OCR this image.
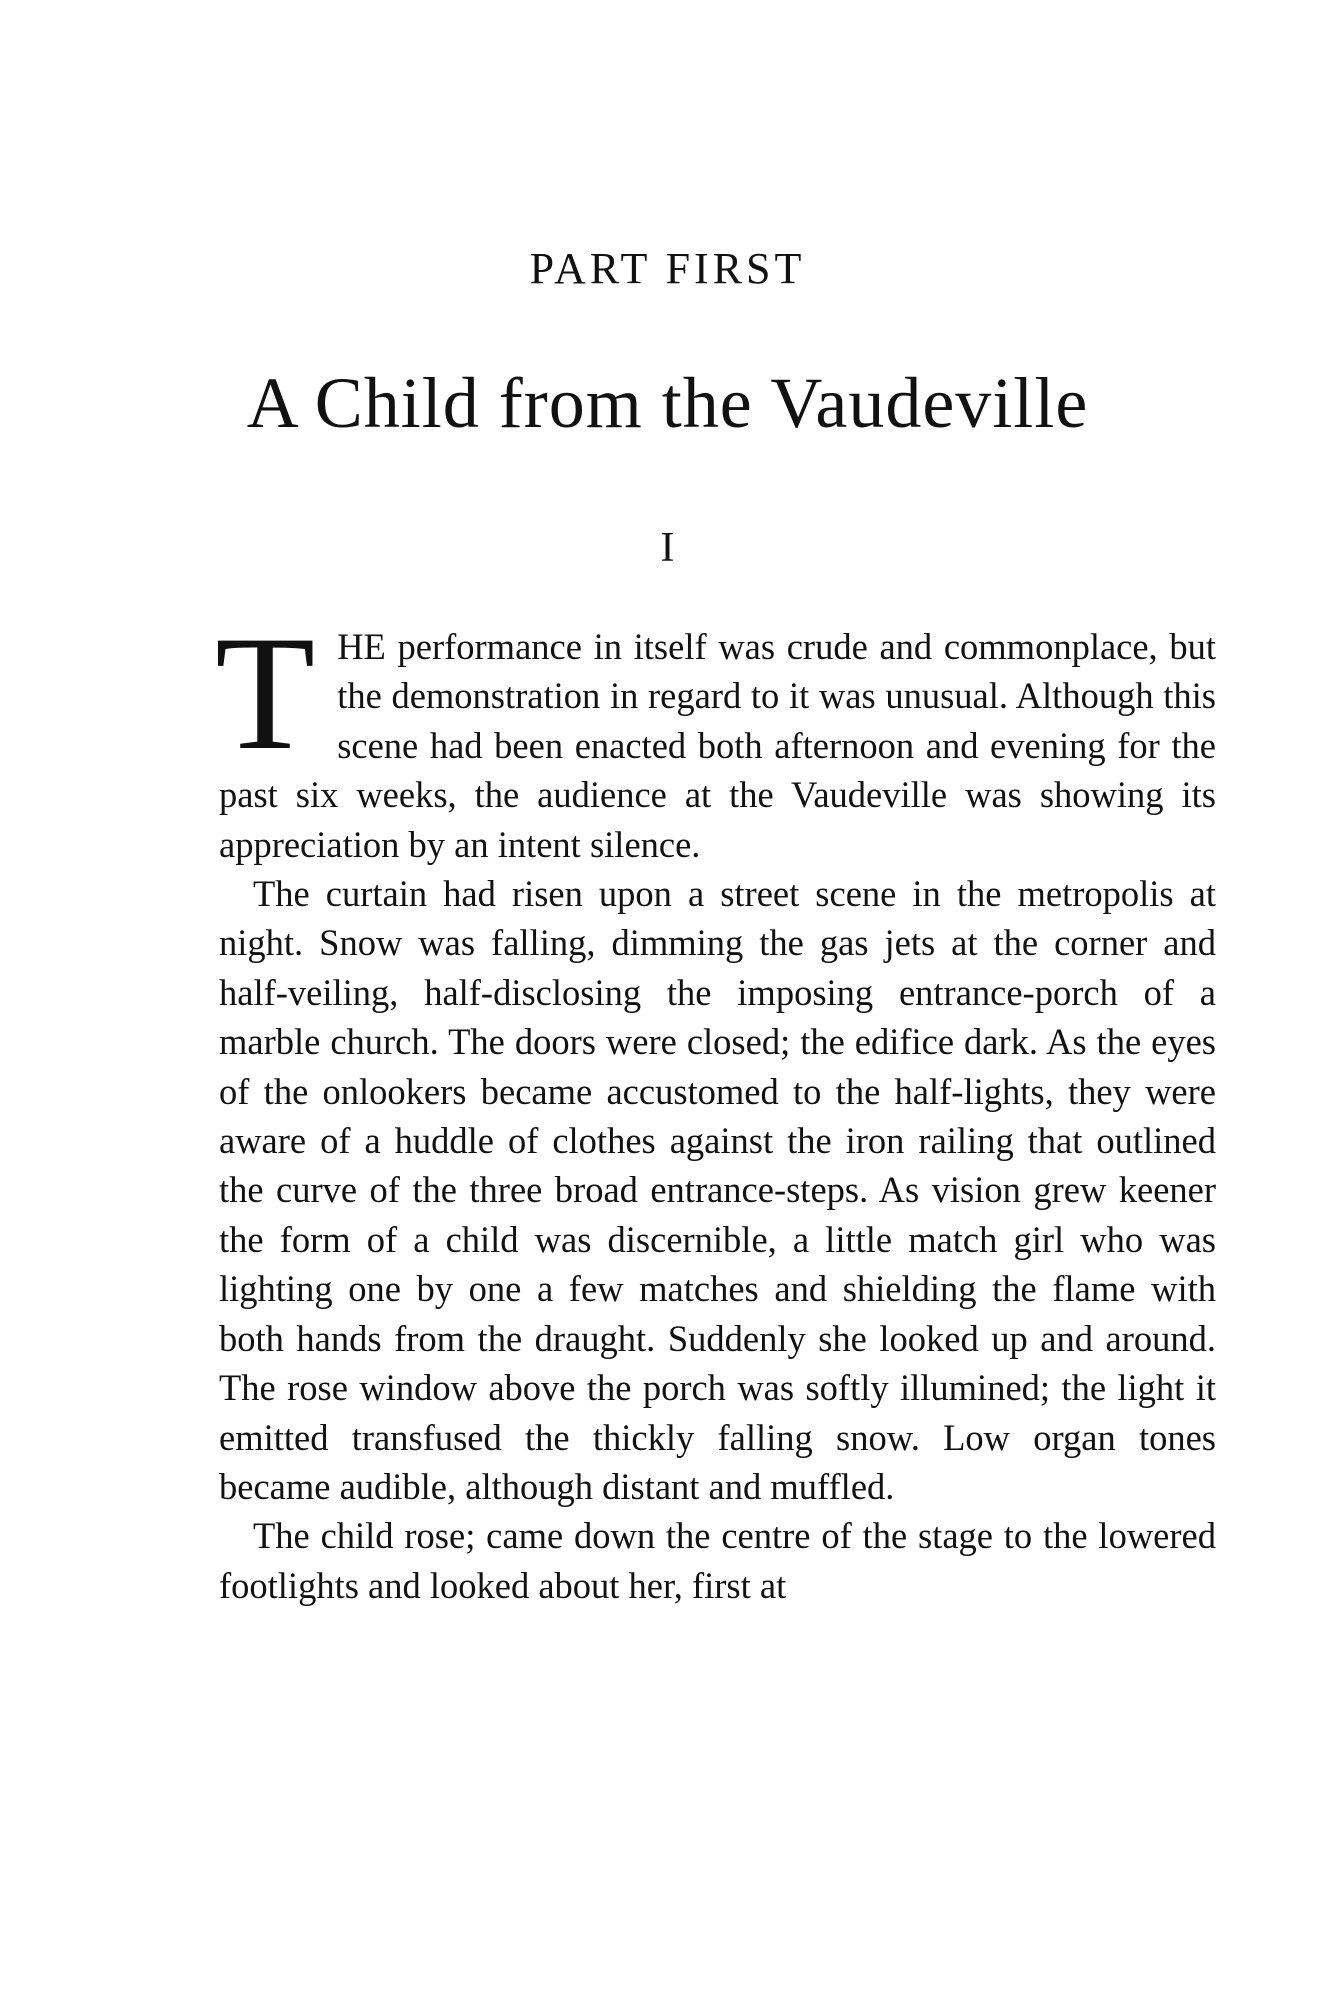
PART FIRST
A Child from the Vaudeville
I

THE performance in itself was crude and commonplace, but the demonstration in regard to it was unusual. Although this scene had been enacted both afternoon and evening for the past six weeks, the audience at the Vaudeville was showing its appreciation by an intent silence.

The curtain had risen upon a street scene in the metropolis at night. Snow was falling, dimming the gas jets at the corner and half-veiling, half-disclosing the imposing entrance-porch of a marble church. The doors were closed; the edifice dark. As the eyes of the onlookers became accustomed to the half-lights, they were aware of a huddle of clothes against the iron railing that outlined the curve of the three broad entrance-steps. As vision grew keener the form of a child was discernible, a little match girl who was lighting one by one a few matches and shielding the flame with both hands from the draught. Suddenly she looked up and around. The rose window above the porch was softly illumined; the light it emitted transfused the thickly falling snow. Low organ tones became audible, although distant and muffled.

The child rose; came down the centre of the stage to the lowered footlights and looked about her, first at
